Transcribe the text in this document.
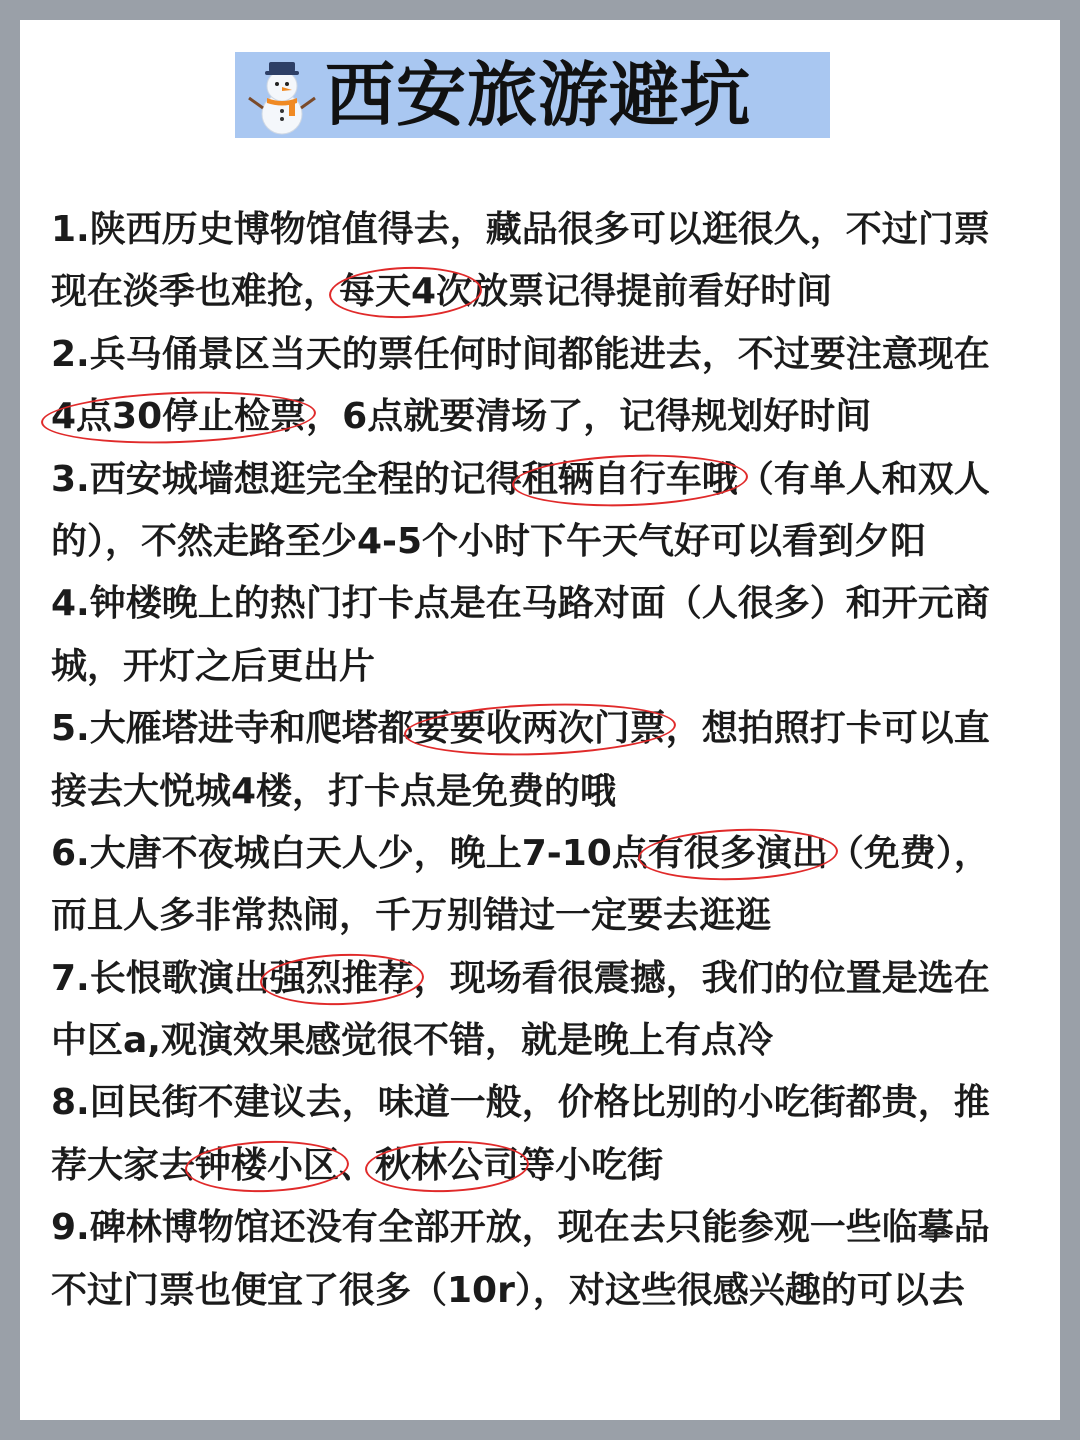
西安旅游避坑
1.陕西历史博物馆值得去，藏品很多可以逛很久，不过门票
现在淡季也难抢，每天4次放票记得提前看好时间
2.兵马俑景区当天的票任何时间都能进去，不过要注意现在
4点30停止检票，6点就要清场了，记得规划好时间
3.西安城墙想逛完全程的记得租辆自行车哦（有单人和双人
的），不然走路至少4-5个小时下午天气好可以看到夕阳
4.钟楼晚上的热门打卡点是在马路对面（人很多）和开元商
城，开灯之后更出片
5.大雁塔进寺和爬塔都要要收两次门票，想拍照打卡可以直
接去大悦城4楼，打卡点是免费的哦
6.大唐不夜城白天人少，晚上7-10点有很多演出（免费），
而且人多非常热闹，千万别错过一定要去逛逛
7.长恨歌演出强烈推荐，现场看很震撼，我们的位置是选在
中区a,观演效果感觉很不错，就是晚上有点冷
8.回民街不建议去，味道一般，价格比别的小吃街都贵，推
荐大家去钟楼小区、秋林公司等小吃街
9.碑林博物馆还没有全部开放，现在去只能参观一些临摹品
不过门票也便宜了很多（10r），对这些很感兴趣的可以去
